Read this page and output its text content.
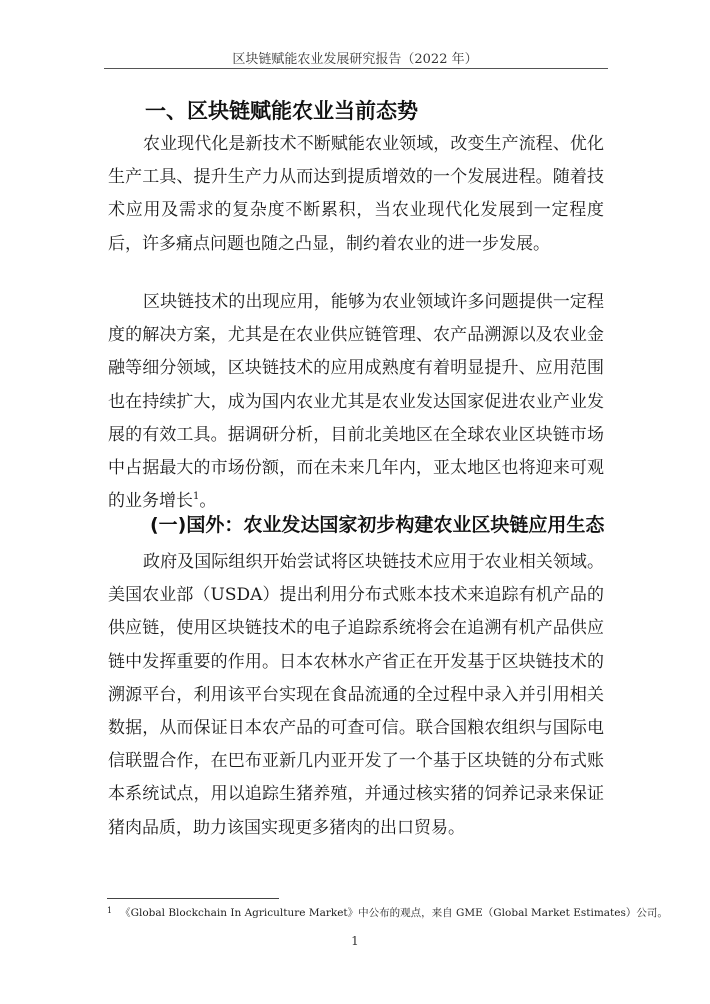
区块链赋能农业发展研究报告（2022 年）
一、区块链赋能农业当前态势

农业现代化是新技术不断赋能农业领域，改变生产流程、优化生产工具、提升生产力从而达到提质增效的一个发展进程。随着技术应用及需求的复杂度不断累积，当农业现代化发展到一定程度后，许多痛点问题也随之凸显，制约着农业的进一步发展。

区块链技术的出现应用，能够为农业领域许多问题提供一定程度的解决方案，尤其是在农业供应链管理、农产品溯源以及农业金融等细分领域，区块链技术的应用成熟度有着明显提升、应用范围也在持续扩大，成为国内农业尤其是农业发达国家促进农业产业发展的有效工具。据调研分析，目前北美地区在全球农业区块链市场中占据最大的市场份额，而在未来几年内，亚太地区也将迎来可观的业务增长$^1$。

(一)国外：农业发达国家初步构建农业区块链应用生态

政府及国际组织开始尝试将区块链技术应用于农业相关领域。美国农业部（USDA）提出利用分布式账本技术来追踪有机产品的供应链，使用区块链技术的电子追踪系统将会在追溯有机产品供应链中发挥重要的作用。日本农林水产省正在开发基于区块链技术的溯源平台，利用该平台实现在食品流通的全过程中录入并引用相关数据，从而保证日本农产品的可查可信。联合国粮农组织与国际电信联盟合作，在巴布亚新几内亚开发了一个基于区块链的分布式账本系统试点，用以追踪生猪养殖，并通过核实猪的饲养记录来保证猪肉品质，助力该国实现更多猪肉的出口贸易。

$^1$ 《Global Blockchain In Agriculture Market》中公布的观点，来自 GME（Global Market Estimates）公司。
1
